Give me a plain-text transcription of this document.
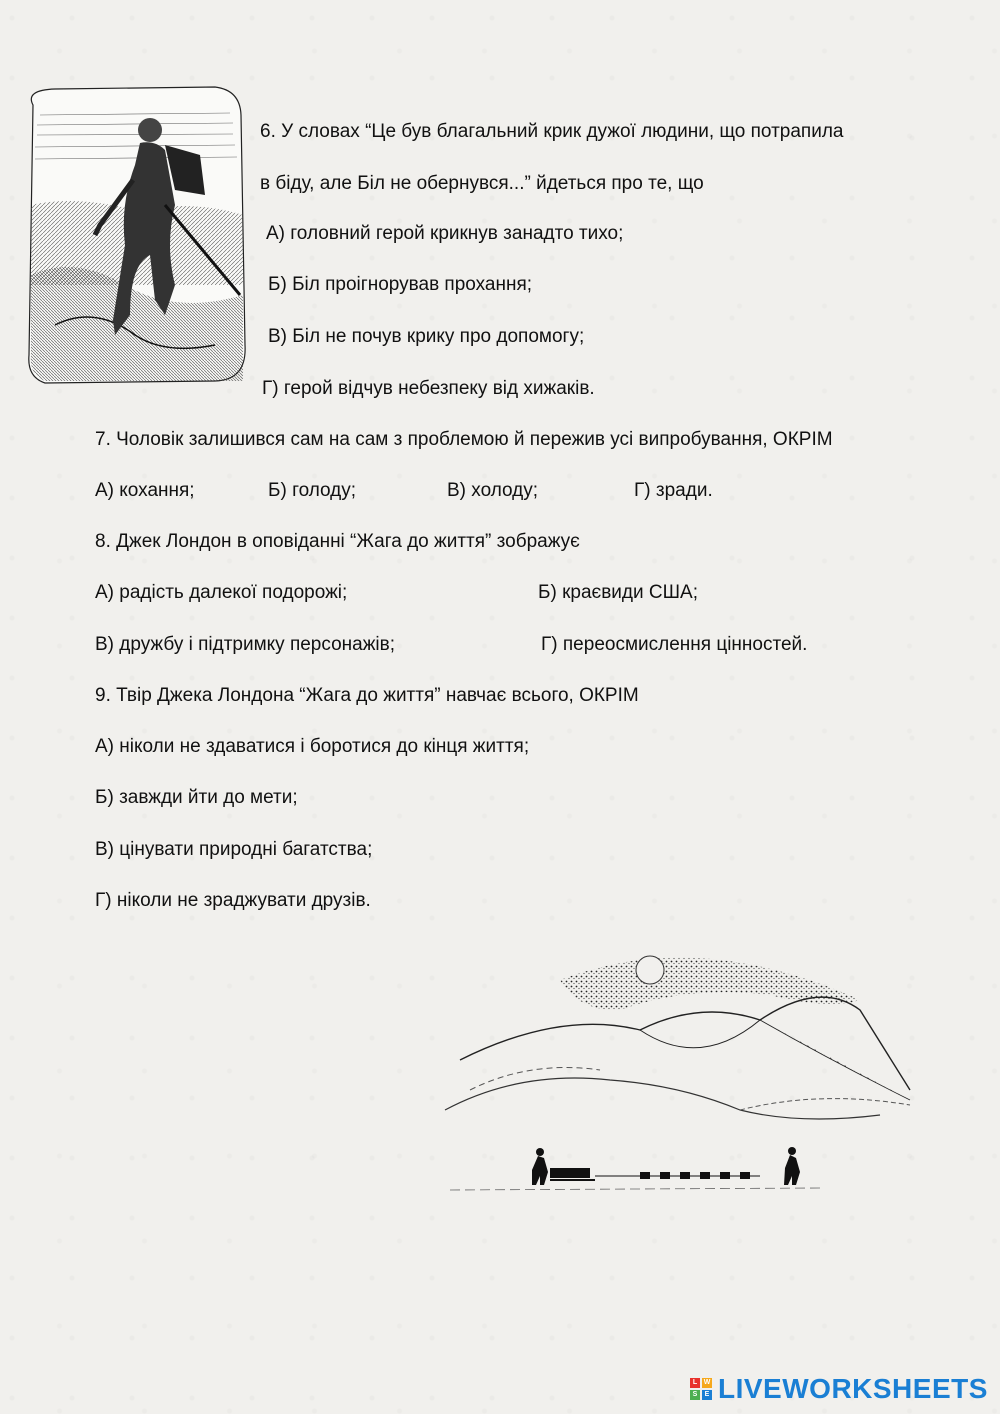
6. У словах “Це був благальний крик дужої людини, що потрапила
в біду, але Біл не обернувся...” йдеться про те, що
А) головний герой крикнув занадто тихо;
Б) Біл проігнорував прохання;
В) Біл не почув крику про допомогу;
Г) герой відчув небезпеку від хижаків.
7. Чоловік залишився сам на сам з проблемою й пережив усі випробування, ОКРІМ
А) кохання;	Б) голоду;	В) холоду;	Г) зради.
8. Джек Лондон в оповіданні “Жага до життя” зображує
А) радість далекої подорожі;	Б) краєвиди США;
В) дружбу і підтримку персонажів;	Г) переосмислення цінностей.
9. Твір Джека Лондона “Жага до життя” навчає всього, ОКРІМ
А) ніколи не здаватися і боротися до кінця життя;
Б) завжди йти до мети;
В) цінувати природні багатства;
Г) ніколи не зраджувати друзів.
L W
S	E LIVEWORKSHEETS
